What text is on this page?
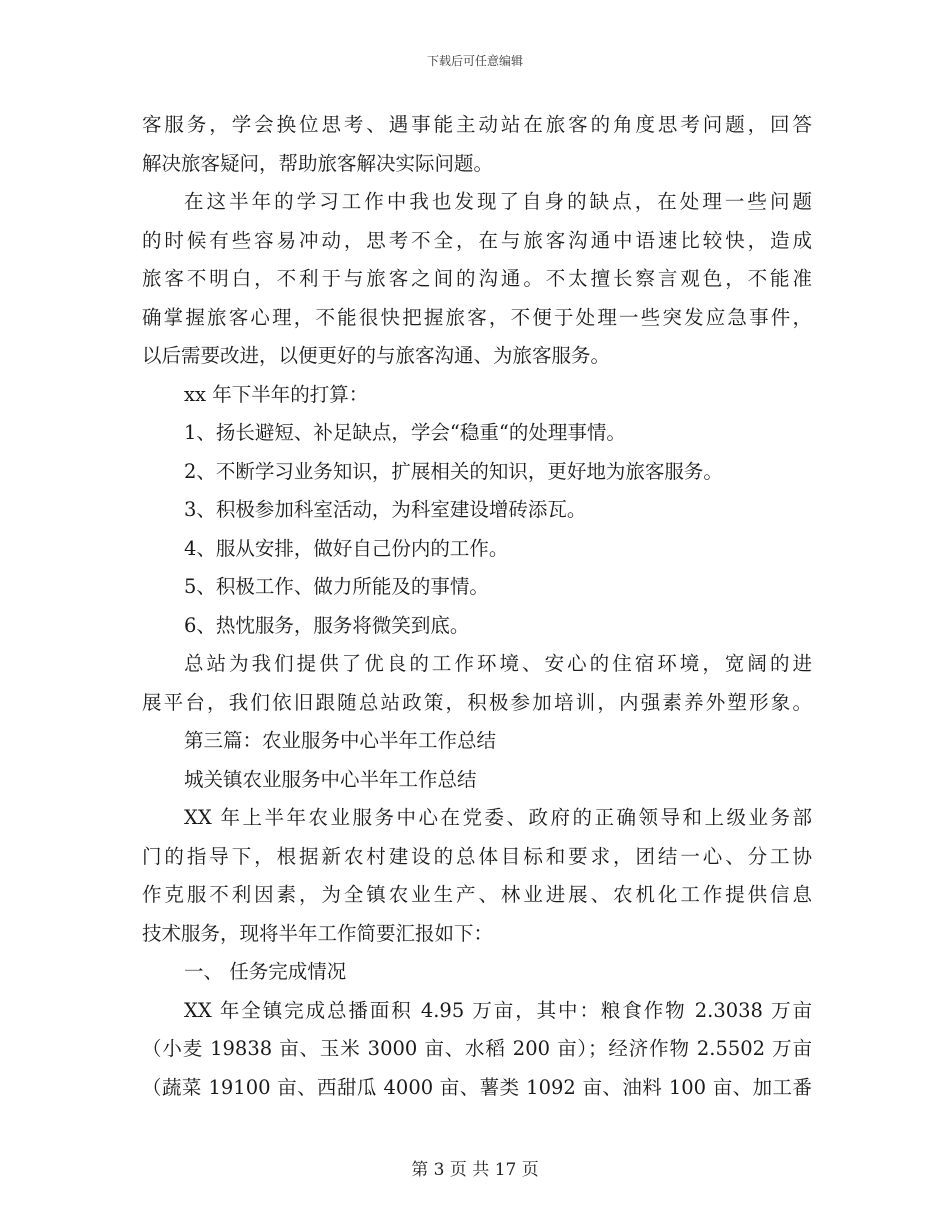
下载后可任意编辑
客服务，学会换位思考、遇事能主动站在旅客的角度思考问题，回答
解决旅客疑问，帮助旅客解决实际问题。
在这半年的学习工作中我也发现了自身的缺点，在处理一些问题
的时候有些容易冲动，思考不全，在与旅客沟通中语速比较快，造成
旅客不明白，不利于与旅客之间的沟通。不太擅长察言观色，不能准
确掌握旅客心理，不能很快把握旅客，不便于处理一些突发应急事件，
以后需要改进，以便更好的与旅客沟通、为旅客服务。
xx 年下半年的打算：
1、扬长避短、补足缺点，学会“稳重“的处理事情。
2、不断学习业务知识，扩展相关的知识，更好地为旅客服务。
3、积极参加科室活动，为科室建设增砖添瓦。
4、服从安排，做好自己份内的工作。
5、积极工作、做力所能及的事情。
6、热忱服务，服务将微笑到底。
总站为我们提供了优良的工作环境、安心的住宿环境，宽阔的进
展平台，我们依旧跟随总站政策，积极参加培训，内强素养外塑形象。
第三篇：农业服务中心半年工作总结
城关镇农业服务中心半年工作总结
XX 年上半年农业服务中心在党委、政府的正确领导和上级业务部
门的指导下，根据新农村建设的总体目标和要求，团结一心、分工协
作克服不利因素，为全镇农业生产、林业进展、农机化工作提供信息
技术服务，现将半年工作简要汇报如下：
一、 任务完成情况
XX 年全镇完成总播面积 4.95 万亩，其中：粮食作物 2.3038 万亩
（小麦 19838 亩、玉米 3000 亩、水稻 200 亩）；经济作物 2.5502 万亩
（蔬菜 19100 亩、西甜瓜 4000 亩、薯类 1092 亩、油料 100 亩、加工番
第 3 页 共 17 页
